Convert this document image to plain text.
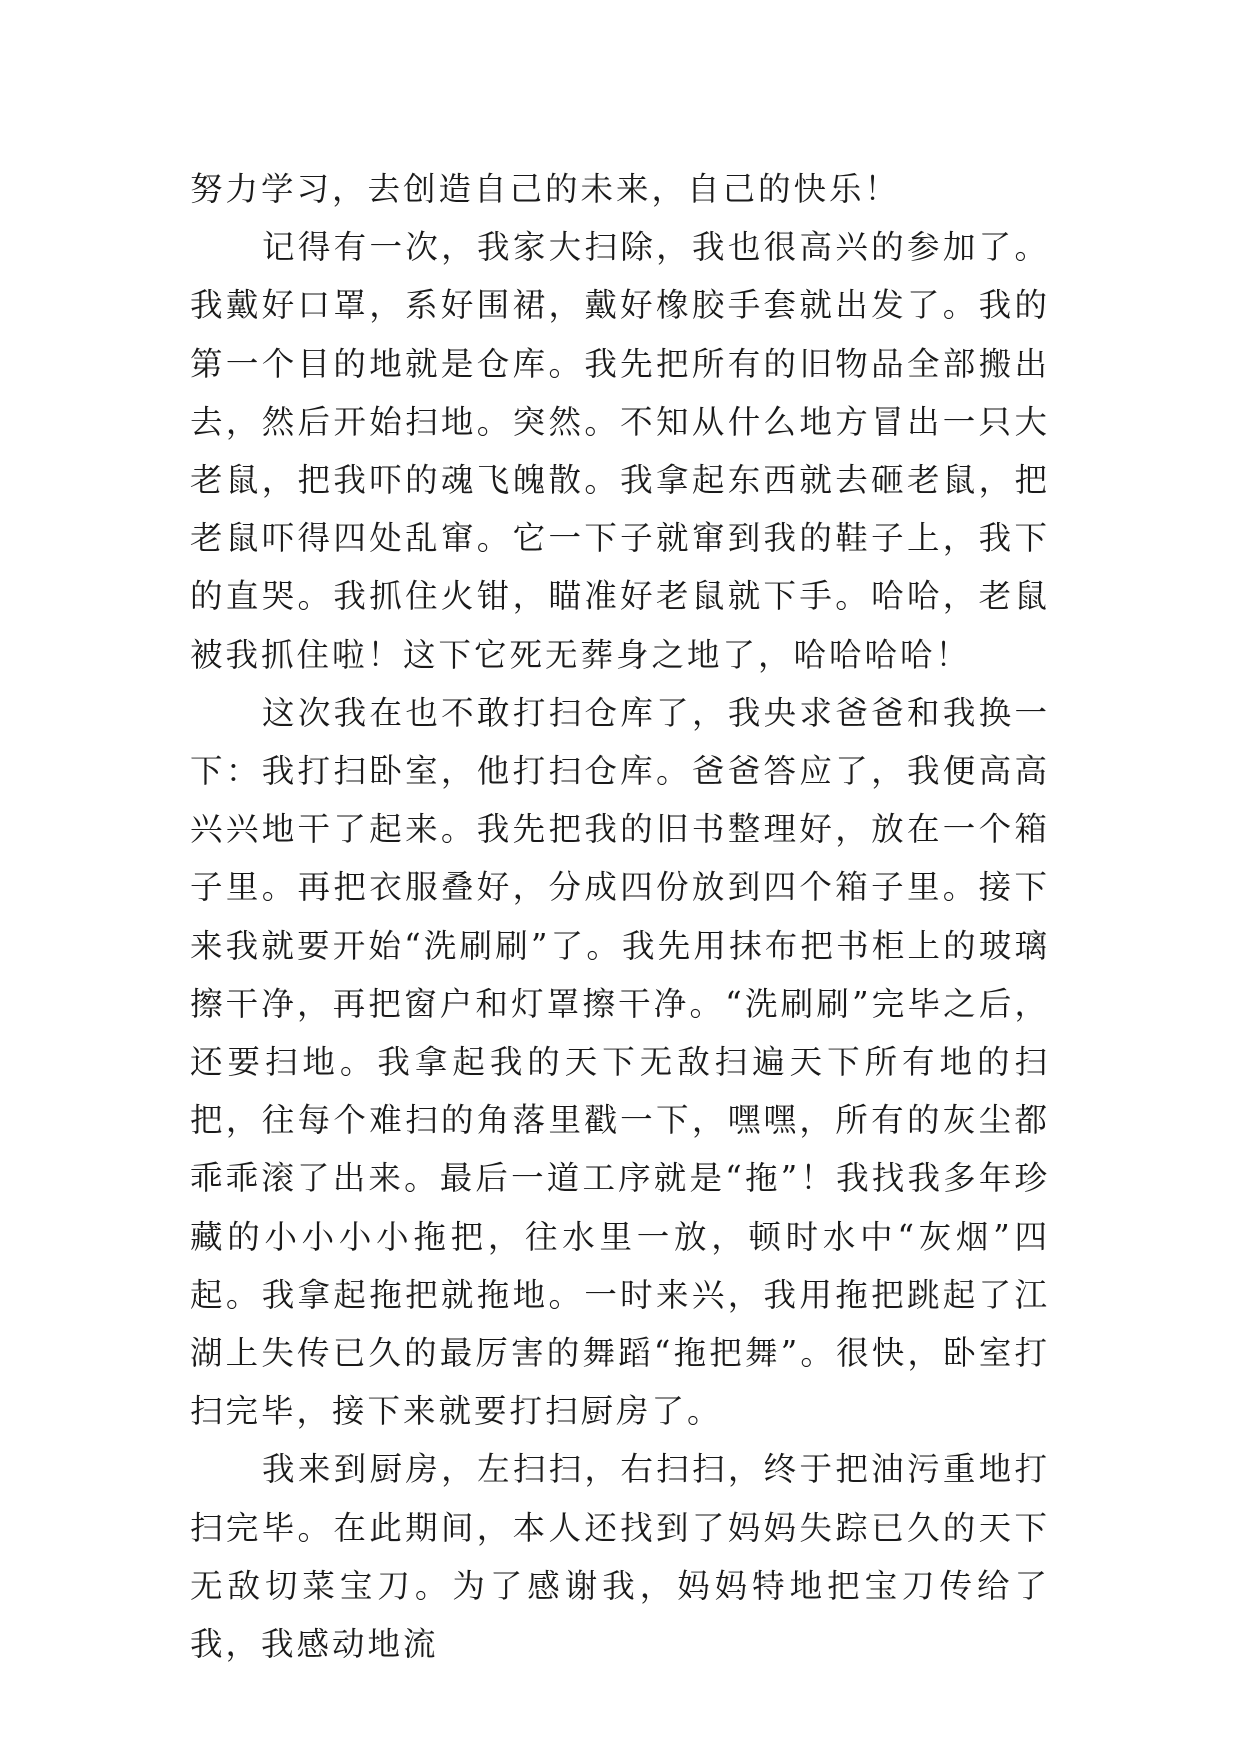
努力学习，去创造自己的未来，自己的快乐！

记得有一次，我家大扫除，我也很高兴的参加了。我戴好口罩，系好围裙，戴好橡胶手套就出发了。我的第一个目的地就是仓库。我先把所有的旧物品全部搬出去，然后开始扫地。突然。不知从什么地方冒出一只大老鼠，把我吓的魂飞魄散。我拿起东西就去砸老鼠，把老鼠吓得四处乱窜。它一下子就窜到我的鞋子上，我下的直哭。我抓住火钳，瞄准好老鼠就下手。哈哈，老鼠被我抓住啦！这下它死无葬身之地了，哈哈哈哈！

这次我在也不敢打扫仓库了，我央求爸爸和我换一下：我打扫卧室，他打扫仓库。爸爸答应了，我便高高兴兴地干了起来。我先把我的旧书整理好，放在一个箱子里。再把衣服叠好，分成四份放到四个箱子里。接下来我就要开始“洗刷刷”了。我先用抹布把书柜上的玻璃擦干净，再把窗户和灯罩擦干净。“洗刷刷”完毕之后，还要扫地。我拿起我的天下无敌扫遍天下所有地的扫把，往每个难扫的角落里戳一下，嘿嘿，所有的灰尘都乖乖滚了出来。最后一道工序就是“拖”！我找我多年珍藏的小小小小拖把，往水里一放，顿时水中“灰烟”四起。我拿起拖把就拖地。一时来兴，我用拖把跳起了江湖上失传已久的最厉害的舞蹈“拖把舞”。很快，卧室打扫完毕，接下来就要打扫厨房了。

我来到厨房，左扫扫，右扫扫，终于把油污重地打扫完毕。在此期间，本人还找到了妈妈失踪已久的天下无敌切菜宝刀。为了感谢我，妈妈特地把宝刀传给了我，我感动地流
